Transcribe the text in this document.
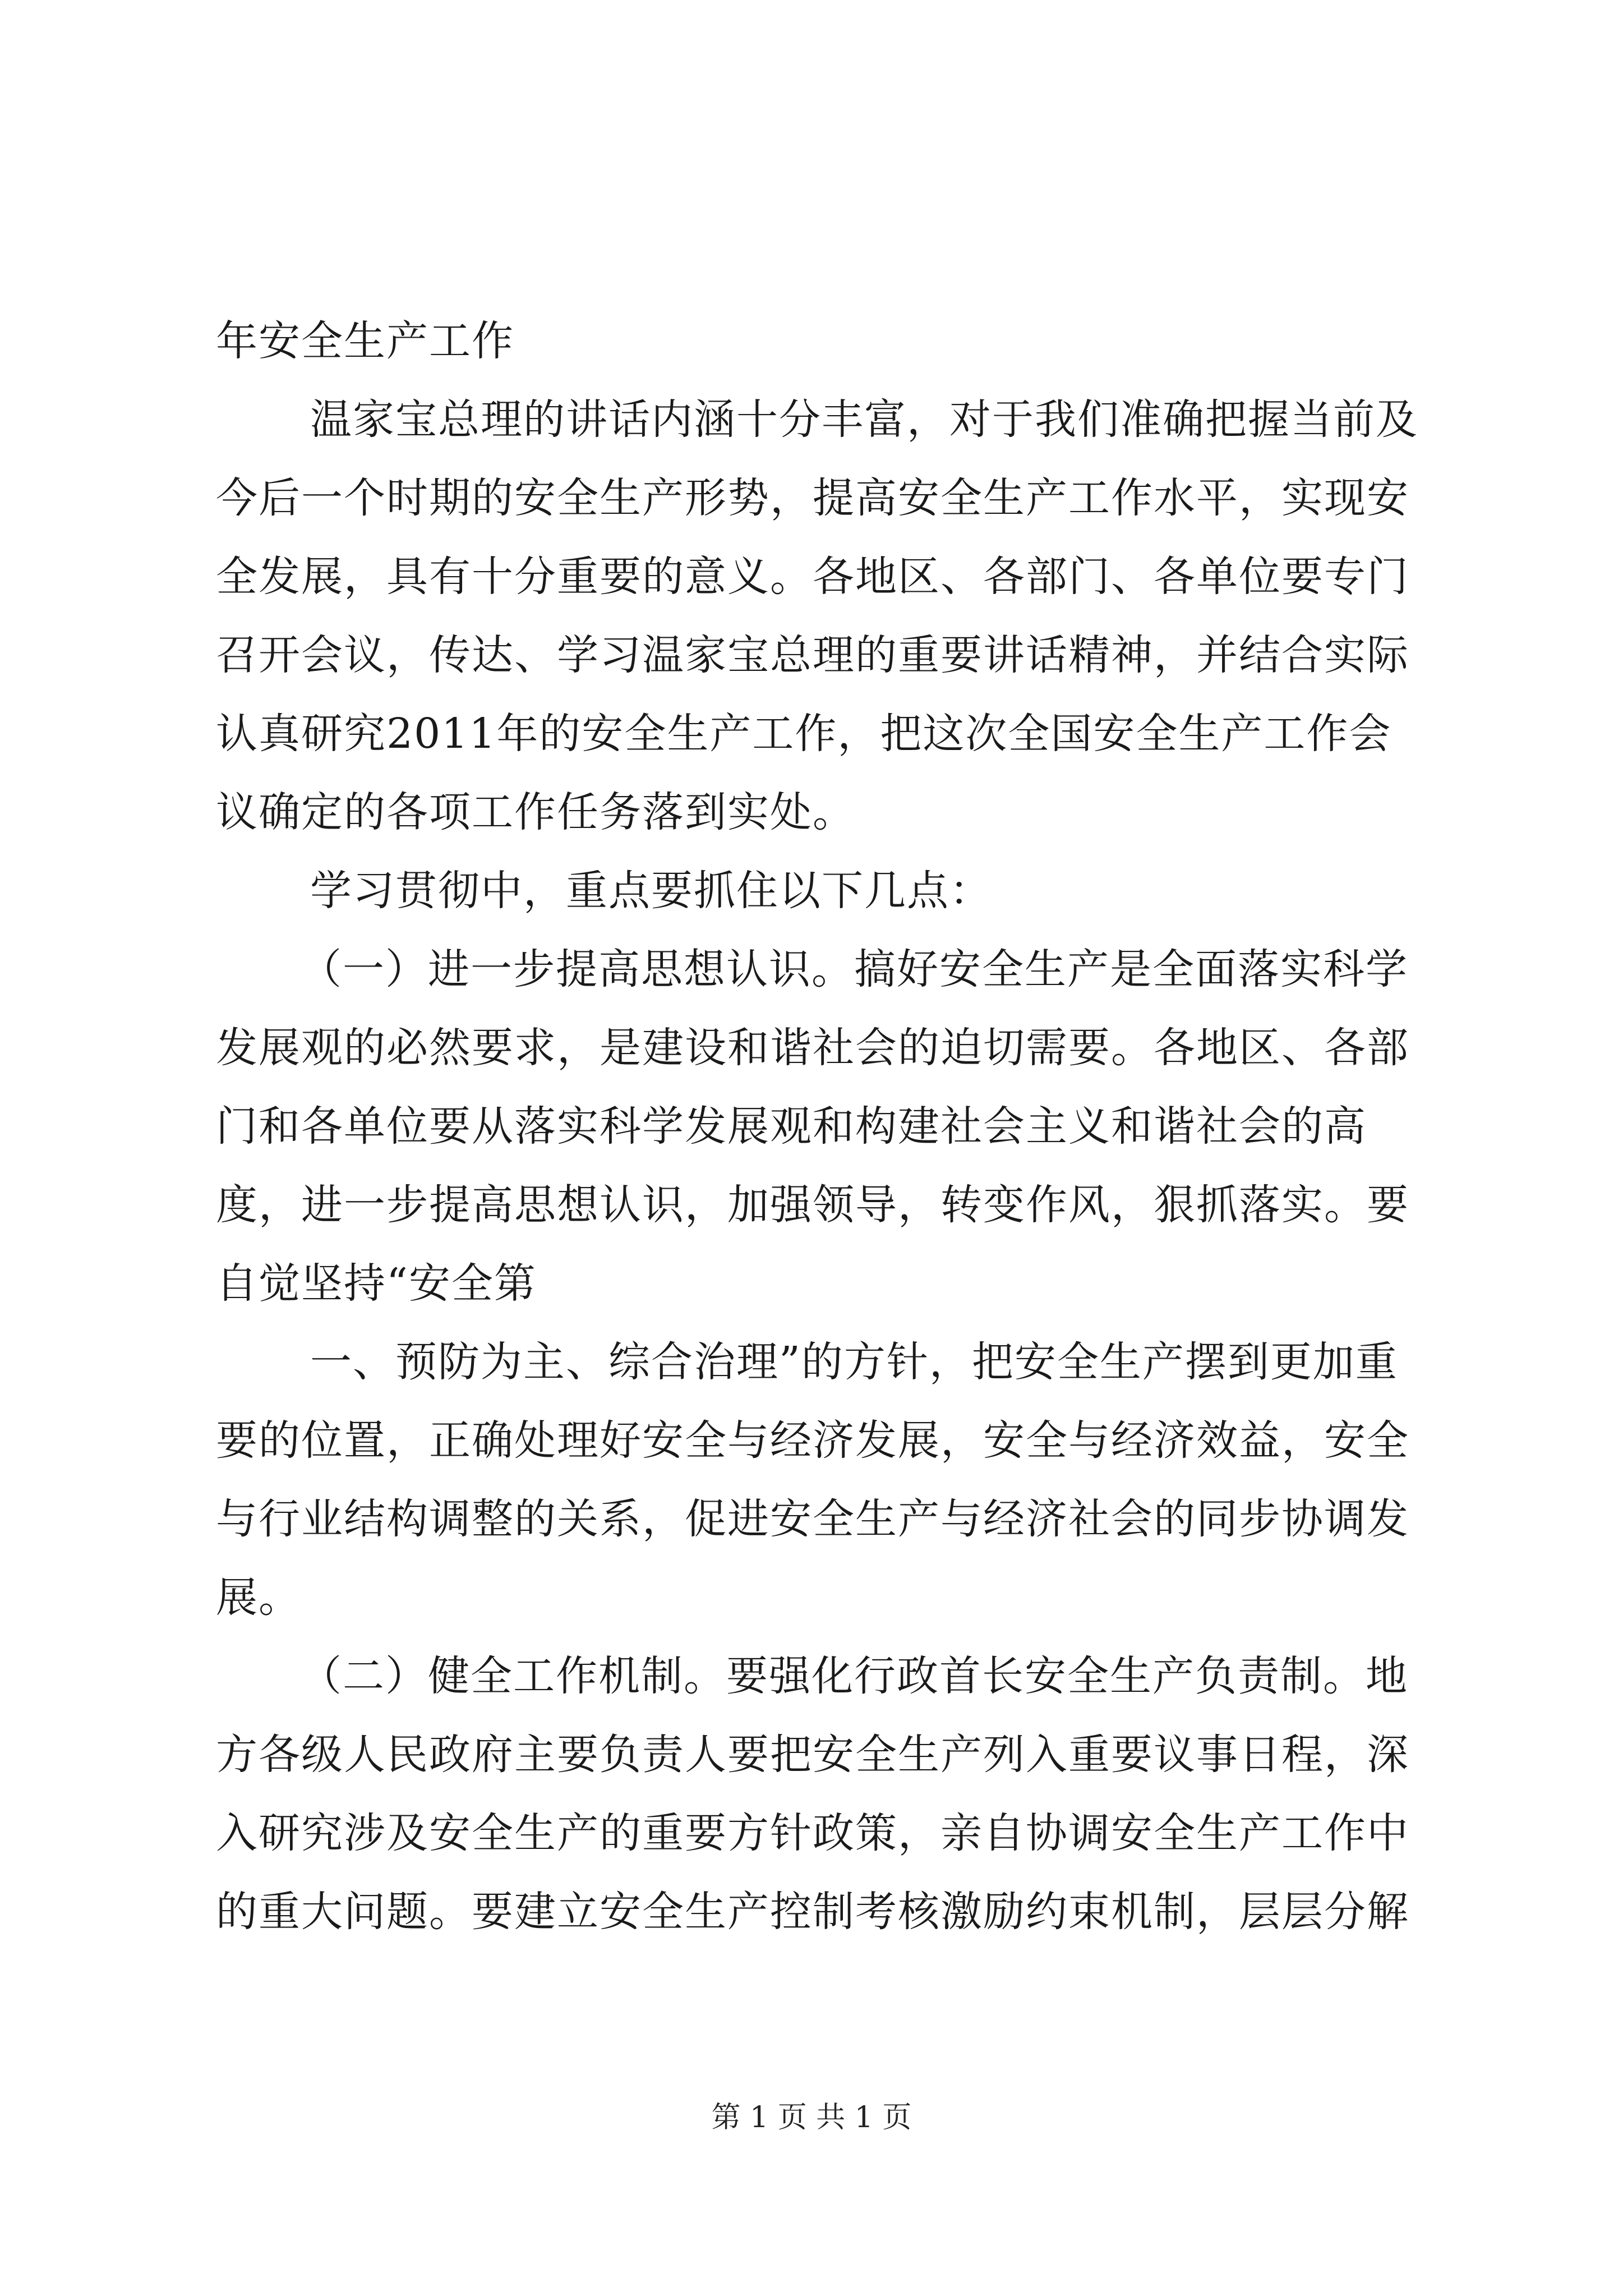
年安全生产工作
温家宝总理的讲话内涵十分丰富，对于我们准确把握当前及
今后一个时期的安全生产形势，提高安全生产工作水平，实现安
全发展，具有十分重要的意义。各地区、各部门、各单位要专门
召开会议，传达、学习温家宝总理的重要讲话精神，并结合实际
认真研究2011年的安全生产工作，把这次全国安全生产工作会
议确定的各项工作任务落到实处。
学习贯彻中，重点要抓住以下几点：
（一）进一步提高思想认识。搞好安全生产是全面落实科学
发展观的必然要求，是建设和谐社会的迫切需要。各地区、各部
门和各单位要从落实科学发展观和构建社会主义和谐社会的高
度，进一步提高思想认识，加强领导，转变作风，狠抓落实。要
自觉坚持“安全第
一、预防为主、综合治理”的方针，把安全生产摆到更加重
要的位置，正确处理好安全与经济发展，安全与经济效益，安全
与行业结构调整的关系，促进安全生产与经济社会的同步协调发
展。
（二）健全工作机制。要强化行政首长安全生产负责制。地
方各级人民政府主要负责人要把安全生产列入重要议事日程，深
入研究涉及安全生产的重要方针政策，亲自协调安全生产工作中
的重大问题。要建立安全生产控制考核激励约束机制，层层分解
第 1 页 共 1 页
